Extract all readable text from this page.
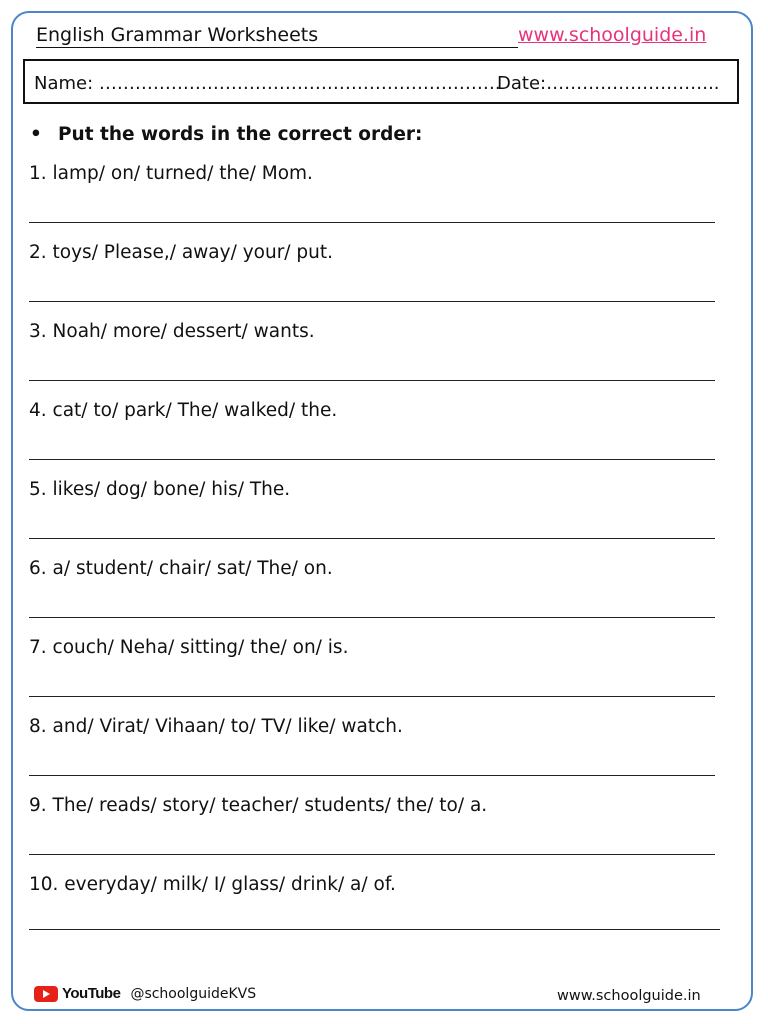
English Grammar Worksheets	www.schoolguide.in
Name: ………………………………………………………….
Date:………………………..
• Put the words in the correct order:
1. lamp/ on/ turned/ the/ Mom.
2. toys/ Please,/ away/ your/ put.
3. Noah/ more/ dessert/ wants.
4. cat/ to/ park/ The/ walked/ the.
5. likes/ dog/ bone/ his/ The.
6. a/ student/ chair/ sat/ The/ on.
7. couch/ Neha/ sitting/ the/ on/ is.
8. and/ Virat/ Vihaan/ to/ TV/ like/ watch.
9. The/ reads/ story/ teacher/ students/ the/ to/ a.
10. everyday/ milk/ I/ glass/ drink/ a/ of.
YouTube @schoolguideKVS	www.schoolguide.in
